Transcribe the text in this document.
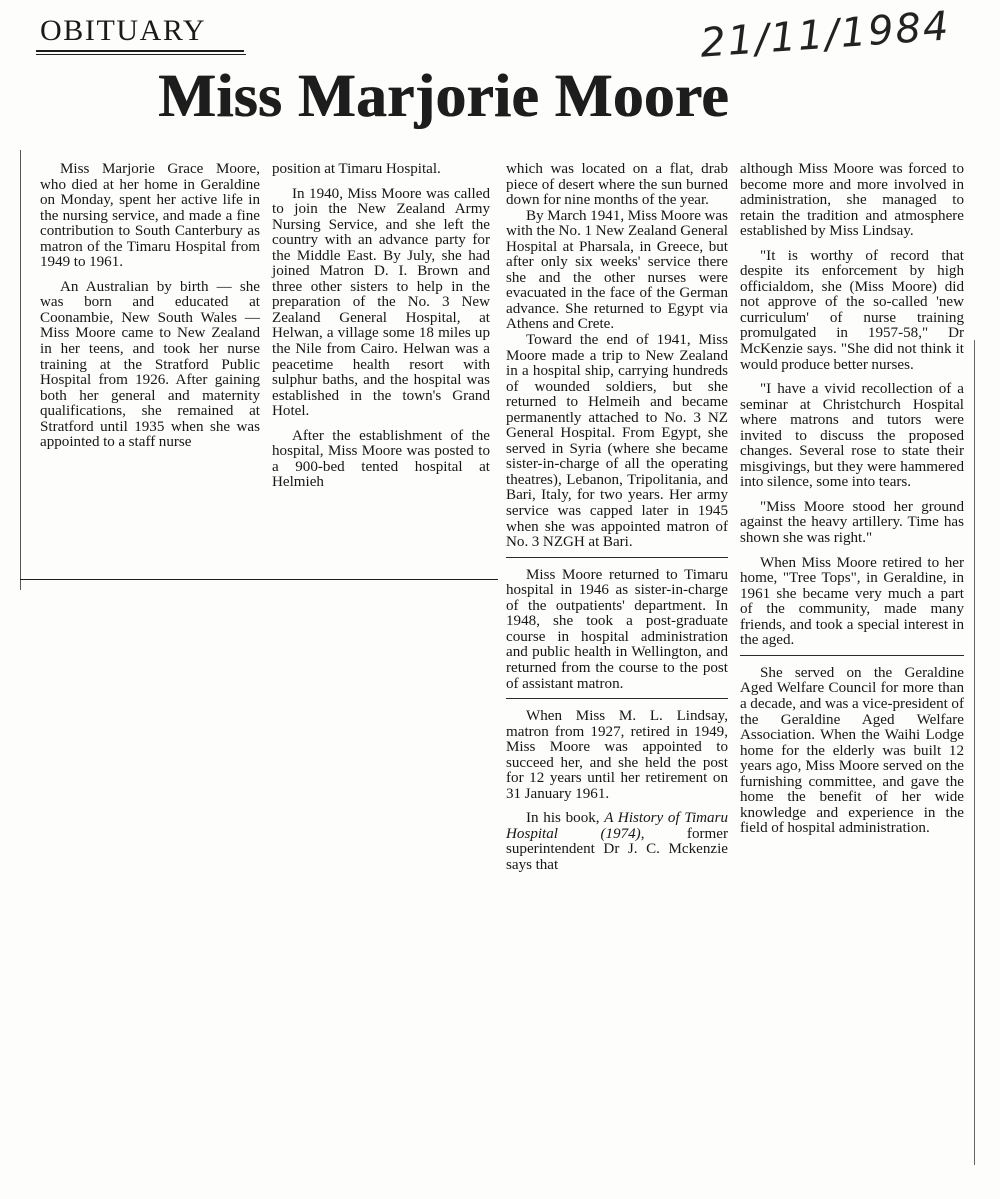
OBITUARY	21/11/1984
Miss Marjorie Moore

Miss Marjorie Grace Moore, who died at her home in Geraldine on Monday, spent her active life in the nursing service, and made a fine contribution to South Canterbury as matron of the Timaru Hospital from 1949 to 1961.

An Australian by birth — she was born and educated at Coonambie, New South Wales — Miss Moore came to New Zealand in her teens, and took her nurse training at the Stratford Public Hospital from 1926. After gaining both her general and maternity qualifications, she remained at Stratford until 1935 when she was appointed to a staff nurse

position at Timaru Hospital.

In 1940, Miss Moore was called to join the New Zealand Army Nursing Service, and she left the country with an advance party for the Middle East. By July, she had joined Matron D. I. Brown and three other sisters to help in the preparation of the No. 3 New Zealand General Hospital, at Helwan, a village some 18 miles up the Nile from Cairo. Helwan was a peacetime health resort with sulphur baths, and the hospital was established in the town's Grand Hotel.

After the establishment of the hospital, Miss Moore was posted to a 900-bed tented hospital at Helmieh

which was located on a flat, drab piece of desert where the sun burned down for nine months of the year.

By March 1941, Miss Moore was with the No. 1 New Zealand General Hospital at Pharsala, in Greece, but after only six weeks' service there she and the other nurses were evacuated in the face of the German advance. She returned to Egypt via Athens and Crete.

Toward the end of 1941, Miss Moore made a trip to New Zealand in a hospital ship, carrying hundreds of wounded soldiers, but she returned to Helmeih and became permanently attached to No. 3 NZ General Hospital. From Egypt, she served in Syria (where she became sister-in-charge of all the operating theatres), Lebanon, Tripolitania, and Bari, Italy, for two years. Her army service was capped later in 1945 when she was appointed matron of No. 3 NZGH at Bari.

Miss Moore returned to Timaru hospital in 1946 as sister-in-charge of the outpatients' department. In 1948, she took a post-graduate course in hospital administration and public health in Wellington, and returned from the course to the post of assistant matron.

When Miss M. L. Lindsay, matron from 1927, retired in 1949, Miss Moore was appointed to succeed her, and she held the post for 12 years until her retirement on 31 January 1961.

In his book, A History of Timaru Hospital (1974), former superintendent Dr J. C. Mckenzie says that

although Miss Moore was forced to become more and more involved in administration, she managed to retain the tradition and atmosphere established by Miss Lindsay.

"It is worthy of record that despite its enforcement by high officialdom, she (Miss Moore) did not approve of the so-called 'new curriculum' of nurse training promulgated in 1957-58," Dr McKenzie says. "She did not think it would produce better nurses.

"I have a vivid recollection of a seminar at Christchurch Hospital where matrons and tutors were invited to discuss the proposed changes. Several rose to state their misgivings, but they were hammered into silence, some into tears.

"Miss Moore stood her ground against the heavy artillery. Time has shown she was right."

When Miss Moore retired to her home, "Tree Tops", in Geraldine, in 1961 she became very much a part of the community, made many friends, and took a special interest in the aged.

She served on the Geraldine Aged Welfare Council for more than a decade, and was a vice-president of the Geraldine Aged Welfare Association. When the Waihi Lodge home for the elderly was built 12 years ago, Miss Moore served on the furnishing committee, and gave the home the benefit of her wide knowledge and experience in the field of hospital administration.
